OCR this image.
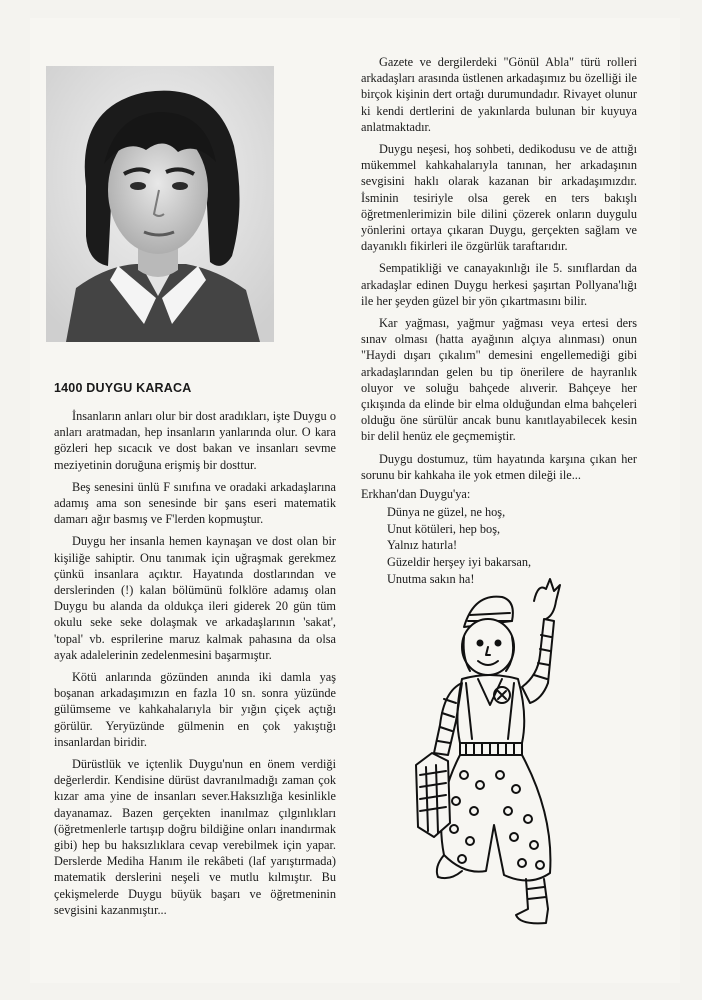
1400 DUYGU KARACA

İnsanların anları olur bir dost aradıkları, işte Duygu o anları aratmadan, hep insanların yanlarında olur. O kara gözleri hep sıcacık ve dost bakan ve insanları sevme meziyetinin doruğuna erişmiş bir dosttur.

Beş senesini ünlü F sınıfına ve oradaki arkadaşlarına adamış ama son senesinde bir şans eseri matematik damarı ağır basmış ve F'lerden kopmuştur.

Duygu her insanla hemen kaynaşan ve dost olan bir kişiliğe sahiptir. Onu tanımak için uğraşmak gerekmez çünkü insanlara açıktır. Hayatında dostlarından ve derslerinden (!) kalan bölümünü folklöre adamış olan Duygu bu alanda da oldukça ileri giderek 20 gün tüm okulu seke seke dolaşmak ve arkadaşlarının 'sakat', 'topal' vb. esprilerine maruz kalmak pahasına da olsa ayak adalelerinin zedelenmesini başarmıştır.

Kötü anlarında gözünden anında iki damla yaş boşanan arkadaşımızın en fazla 10 sn. sonra yüzünde gülümseme ve kahkahalarıyla bir yığın çiçek açtığı görülür. Yeryüzünde gülmenin en çok yakıştığı insanlardan biridir.

Dürüstlük ve içtenlik Duygu'nun en önem verdiği değerlerdir. Kendisine dürüst davranılmadığı zaman çok kızar ama yine de insanları sever.Haksızlığa kesinlikle dayanamaz. Bazen gerçekten inanılmaz çılgınlıkları (öğretmenlerle tartışıp doğru bildiğine onları inandırmak gibi) hep bu haksızlıklara cevap verebilmek için yapar. Derslerde Mediha Hanım ile rekâbeti (laf yarıştırmada) matematik derslerini neşeli ve mutlu kılmıştır. Bu çekişmelerde Duygu büyük başarı ve öğretmeninin sevgisini kazanmıştır...

Gazete ve dergilerdeki "Gönül Abla" türü rolleri arkadaşları arasında üstlenen arkadaşımız bu özelliği ile birçok kişinin dert ortağı durumundadır. Rivayet olunur ki kendi dertlerini de yakınlarda bulunan bir kuyuya anlatmaktadır.

Duygu neşesi, hoş sohbeti, dedikodusu ve de attığı mükemmel kahkahalarıyla tanınan, her arkadaşının sevgisini haklı olarak kazanan bir arkadaşımızdır. İsminin tesiriyle olsa gerek en ters bakışlı öğretmenlerimizin bile dilini çözerek onların duygulu yönlerini ortaya çıkaran Duygu, gerçekten sağlam ve dayanıklı fikirleri ile özgürlük taraftarıdır.

Sempatikliği ve canayakınlığı ile 5. sınıflardan da arkadaşlar edinen Duygu herkesi şaşırtan Pollyana'lığı ile her şeyden güzel bir yön çıkartmasını bilir.

Kar yağması, yağmur yağması veya ertesi ders sınav olması (hatta ayağının alçıya alınması) onun "Haydi dışarı çıkalım" demesini engellemediği gibi arkadaşlarından gelen bu tip önerilere de hayranlık oluyor ve soluğu bahçede alıverir. Bahçeye her çıkışında da elinde bir elma olduğundan elma bahçeleri olduğu öne sürülür ancak bunu kanıtlayabilecek kesin bir delil henüz ele geçmemiştir.

Duygu dostumuz, tüm hayatında karşına çıkan her sorunu bir kahkaha ile yok etmen dileği ile...

Erkhan'dan Duygu'ya:
Dünya ne güzel, ne hoş,
Unut kötüleri, hep boş,
Yalnız hatırla!
Güzeldir herşey iyi bakarsan,
Unutma sakın ha!
